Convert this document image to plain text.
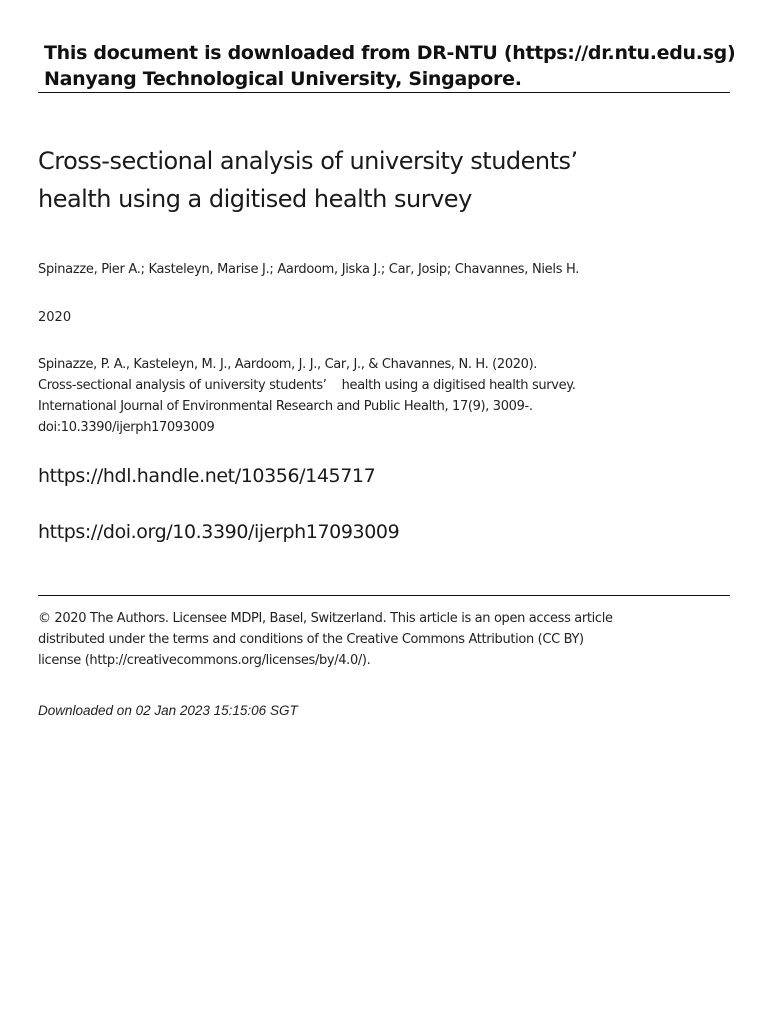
This document is downloaded from DR-NTU (https://dr.ntu.edu.sg)
Nanyang Technological University, Singapore.
Cross-sectional analysis of university students’
health using a digitised health survey
Spinazze, Pier A.; Kasteleyn, Marise J.; Aardoom, Jiska J.; Car, Josip; Chavannes, Niels H.
2020
Spinazze, P. A., Kasteleyn, M. J., Aardoom, J. J., Car, J., & Chavannes, N. H. (2020).
Cross-sectional analysis of university students’    health using a digitised health survey.
International Journal of Environmental Research and Public Health, 17(9), 3009-.
doi:10.3390/ijerph17093009
https://hdl.handle.net/10356/145717
https://doi.org/10.3390/ijerph17093009
© 2020 The Authors. Licensee MDPI, Basel, Switzerland. This article is an open access article
distributed under the terms and conditions of the Creative Commons Attribution (CC BY)
license (http://creativecommons.org/licenses/by/4.0/).
Downloaded on 02 Jan 2023 15:15:06 SGT
